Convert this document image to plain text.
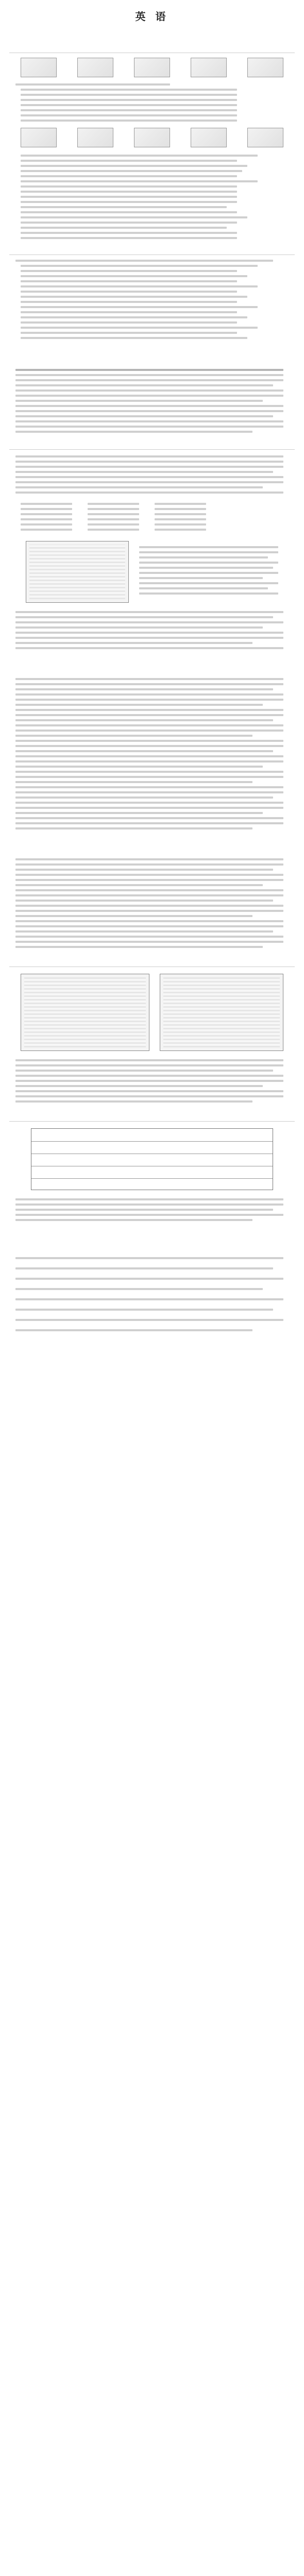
英 语
